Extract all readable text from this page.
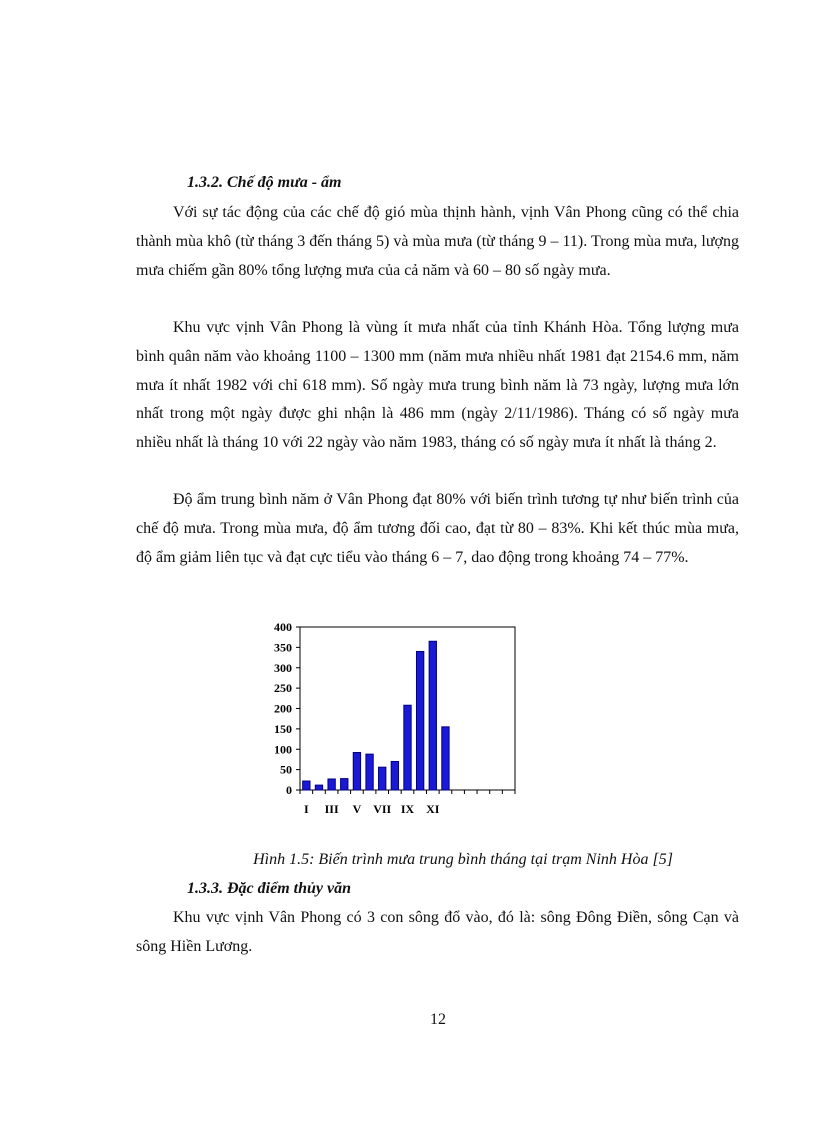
1.3.2. Chế độ mưa - ẩm

Với sự tác động của các chế độ gió mùa thịnh hành, vịnh Vân Phong cũng có thể chia thành mùa khô (từ tháng 3 đến tháng 5) và mùa mưa (từ tháng 9 – 11). Trong mùa mưa, lượng mưa chiếm gần 80% tổng lượng mưa của cả năm và 60 – 80 số ngày mưa.

Khu vực vịnh Vân Phong là vùng ít mưa nhất của tỉnh Khánh Hòa. Tổng lượng mưa bình quân năm vào khoảng 1100 – 1300 mm (năm mưa nhiều nhất 1981 đạt 2154.6 mm, năm mưa ít nhất 1982 với chỉ 618 mm). Số ngày mưa trung bình năm là 73 ngày, lượng mưa lớn nhất trong một ngày được ghi nhận là 486 mm (ngày 2/11/1986). Tháng có số ngày mưa nhiều nhất là tháng 10 với 22 ngày vào năm 1983, tháng có số ngày mưa ít nhất là tháng 2.

Độ ẩm trung bình năm ở Vân Phong đạt 80% với biến trình tương tự như biến trình của chế độ mưa. Trong mùa mưa, độ ẩm tương đối cao, đạt từ 80 – 83%. Khi kết thúc mùa mưa, độ ẩm giảm liên tục và đạt cực tiểu vào tháng 6 – 7, dao động trong khoảng 74 – 77%.

0
50
100
150
200
250
300
350
400
I III V VII IX XI

Hình 1.5: Biến trình mưa trung bình tháng tại trạm Ninh Hòa [5]

1.3.3. Đặc điểm thủy văn

Khu vực vịnh Vân Phong có 3 con sông đổ vào, đó là: sông Đông Điền, sông Cạn và sông Hiền Lương.

12
